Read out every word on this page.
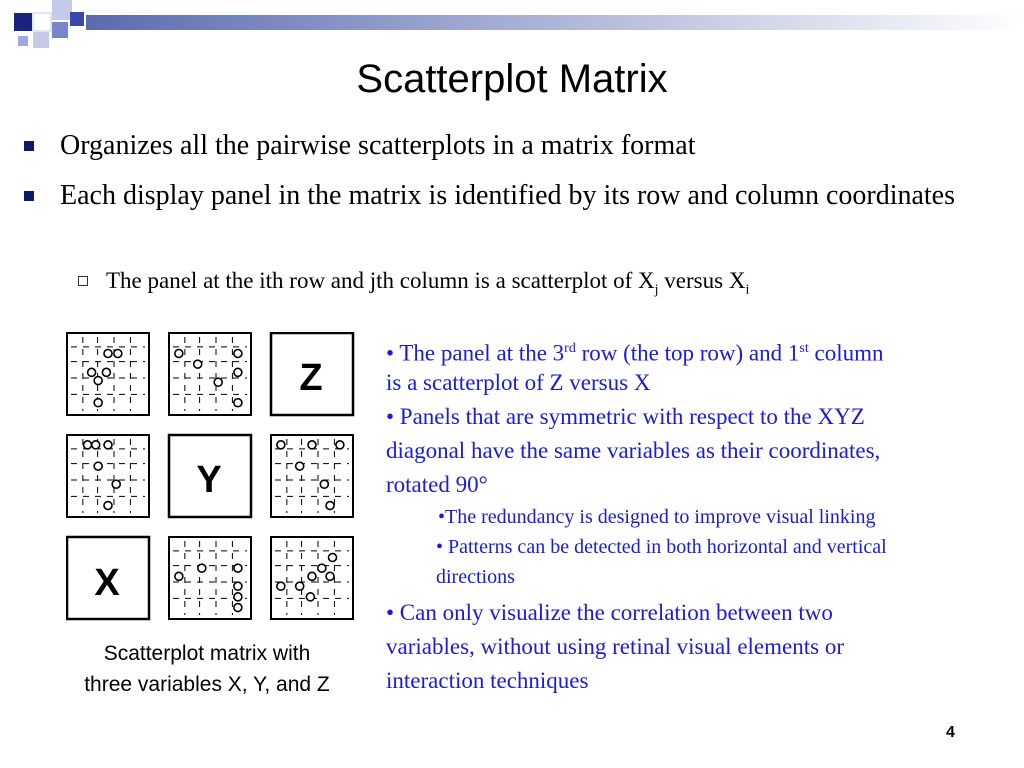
Scatterplot Matrix
Organizes all the pairwise scatterplots in a matrix format
Each display panel in the matrix is identified by its row and column coordinates
The panel at the ith row and jth column is a scatterplot of $X_j$ versus $X_i$
Z
Y
X
Scatterplot matrix with
three variables X, Y, and Z
• The panel at the 3rd row (the top row) and 1st column
is a scatterplot of Z versus X
• Panels that are symmetric with respect to the XYZ
diagonal have the same variables as their coordinates,
rotated 90°
•The redundancy is designed to improve visual linking
• Patterns can be detected in both horizontal and vertical
directions
• Can only visualize the correlation between two
variables, without using retinal visual elements or
interaction techniques
4
